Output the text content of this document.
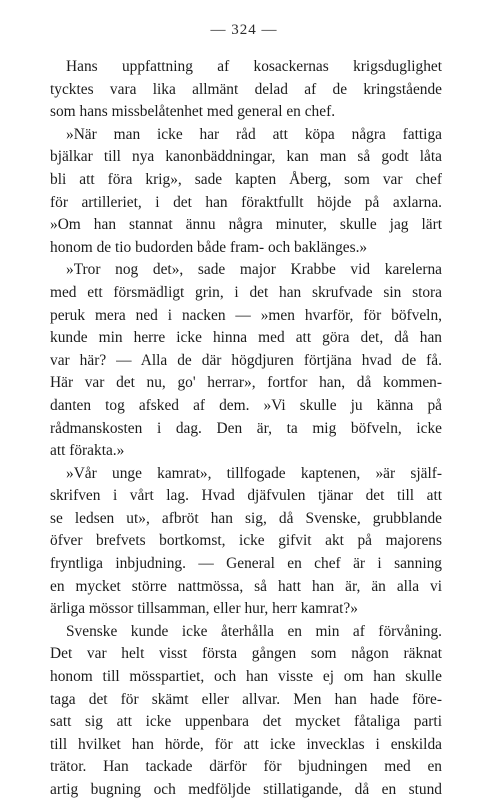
— 324 —
Hans uppfattning af kosackernas krigsduglighet
tycktes vara lika allmänt delad af de kringstående
som hans missbelåtenhet med general en chef.
»När man icke har råd att köpa några fattiga
bjälkar till nya kanonbäddningar, kan man så godt låta
bli att föra krig», sade kapten Åberg, som var chef
för artilleriet, i det han föraktfullt höjde på axlarna.
»Om han stannat ännu några minuter, skulle jag lärt
honom de tio budorden både fram- och baklänges.»
»Tror nog det», sade major Krabbe vid karelerna
med ett försmädligt grin, i det han skrufvade sin stora
peruk mera ned i nacken — »men hvarför, för böfveln,
kunde min herre icke hinna med att göra det, då han
var här? — Alla de där högdjuren förtjäna hvad de få.
Här var det nu, go' herrar», fortfor han, då kommen-
danten tog afsked af dem. »Vi skulle ju känna på
rådmanskosten i dag. Den är, ta mig böfveln, icke
att föraktа.»
»Vår unge kamrat», tillfogade kaptenen, »är själf-
skrifven i vårt lag. Hvad djäfvulen tjänar det till att
se ledsen ut», afbröt han sig, då Svenske, grubblande
öfver brefvets bortkomst, icke gifvit akt på majorens
fryntliga inbjudning. — General en chef är i sanning
en mycket större nattmössa, så hatt han är, än alla vi
ärliga mössor tillsamman, eller hur, herr kamrat?»
Svenske kunde icke återhålla en min af förvåning.
Det var helt visst första gången som någon räknat
honom till mösspartiet, och han visste ej om han skulle
taga det för skämt eller allvar. Men han hade före-
satt sig att icke uppenbara det mycket fåtaliga parti
till hvilket han hörde, för att icke invecklas i enskilda
trätor. Han tackade därför för bjudningen med en
artig bugning och medföljde stillatigande, då en stund
